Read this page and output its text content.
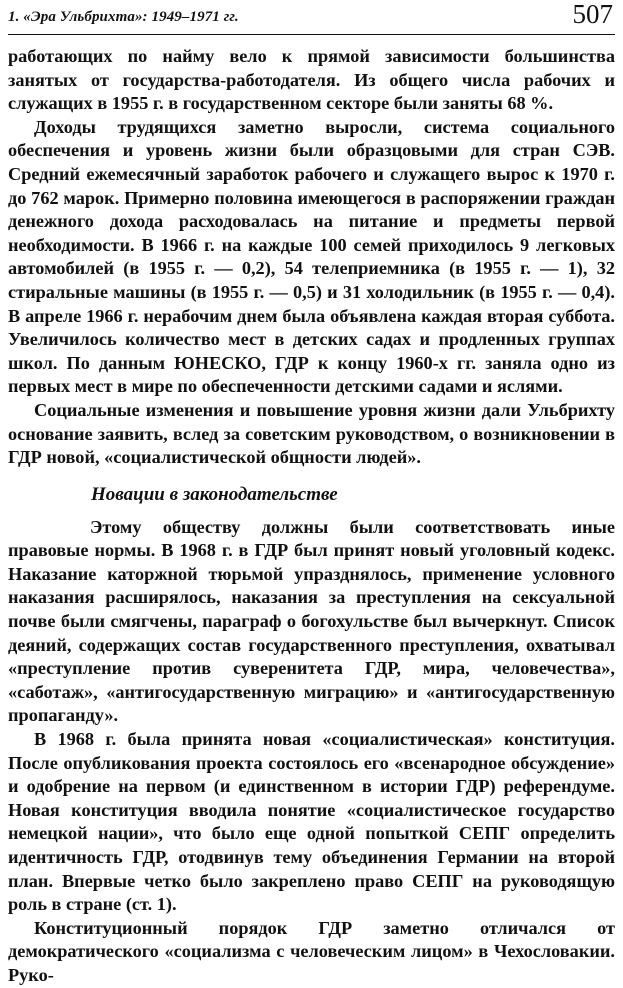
1. «Эра Ульбрихта»: 1949–1971 гг.	507

работающих по найму вело к прямой зависимости большинства занятых от государства-работодателя. Из общего числа рабочих и служащих в 1955 г. в государственном секторе были заняты 68 %.

Доходы трудящихся заметно выросли, система социального обеспечения и уровень жизни были образцовыми для стран СЭВ. Средний ежемесячный заработок рабочего и служащего вырос к 1970 г. до 762 марок. Примерно половина имеющегося в распоряжении граждан денежного дохода расходовалась на питание и предметы первой необходимости. В 1966 г. на каждые 100 семей приходилось 9 легковых автомобилей (в 1955 г. — 0,2), 54 телеприемника (в 1955 г. — 1), 32 стиральные машины (в 1955 г. — 0,5) и 31 холодильник (в 1955 г. — 0,4). В апреле 1966 г. нерабочим днем была объявлена каждая вторая суббота. Увеличилось количество мест в детских садах и продленных группах школ. По данным ЮНЕСКО, ГДР к концу 1960-х гг. заняла одно из первых мест в мире по обеспеченности детскими садами и яслями.

Социальные изменения и повышение уровня жизни дали Ульбрихту основание заявить, вслед за советским руководством, о возникновении в ГДР новой, «социалистической общности людей».

Новации в законодательстве

Этому обществу должны были соответствовать иные правовые нормы. В 1968 г. в ГДР был принят новый уголовный кодекс. Наказание каторжной тюрьмой упразднялось, применение условного наказания расширялось, наказания за преступления на сексуальной почве были смягчены, параграф о богохульстве был вычеркнут. Список деяний, содержащих состав государственного преступления, охватывал «преступление против суверенитета ГДР, мира, человечества», «саботаж», «антигосударственную миграцию» и «антигосударственную пропаганду».

В 1968 г. была принята новая «социалистическая» конституция. После опубликования проекта состоялось его «всенародное обсуждение» и одобрение на первом (и единственном в истории ГДР) референдуме. Новая конституция вводила понятие «социалистическое государство немецкой нации», что было еще одной попыткой СЕПГ определить идентичность ГДР, отодвинув тему объединения Германии на второй план. Впервые четко было закреплено право СЕПГ на руководящую роль в стране (ст. 1).

Конституционный порядок ГДР заметно отличался от демократического «социализма с человеческим лицом» в Чехословакии. Руко-
